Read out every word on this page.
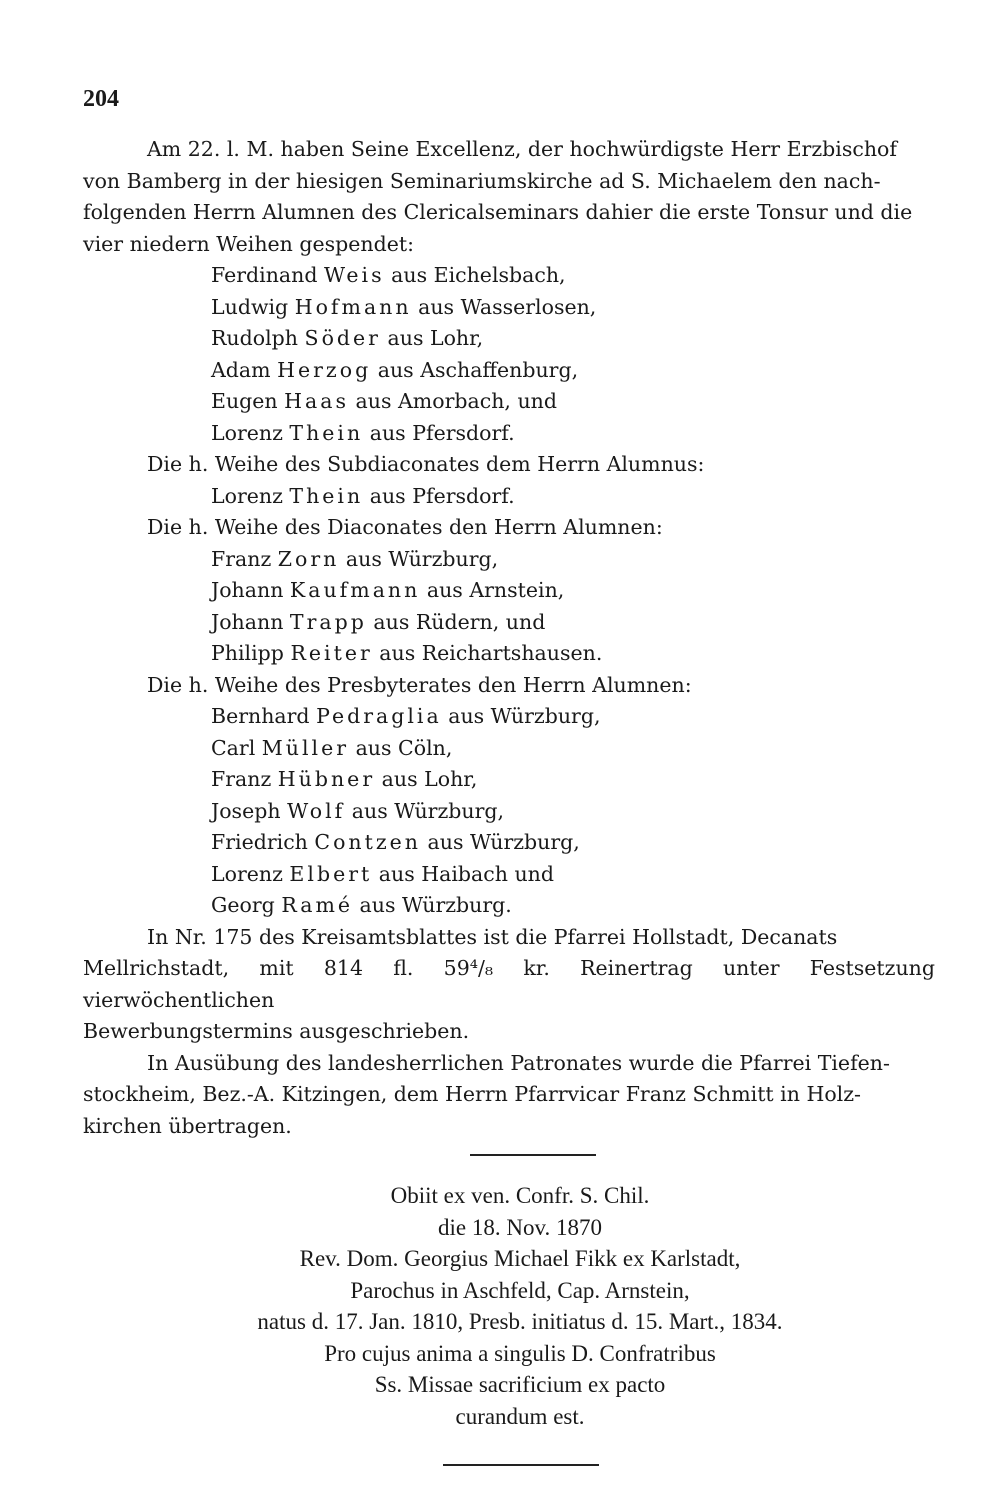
204

Am 22. l. M. haben Seine Excellenz, der hochwürdigste Herr Erzbischof
von Bamberg in der hiesigen Seminariumskirche ad S. Michaelem den nach-
folgenden Herrn Alumnen des Clericalseminars dahier die erste Tonsur und die
vier niedern Weihen gespendet:

Ferdinand Weis aus Eichelsbach,
Ludwig Hofmann aus Wasserlosen,
Rudolph Söder aus Lohr,
Adam Herzog aus Aschaffenburg,
Eugen Haas aus Amorbach, und
Lorenz Thein aus Pfersdorf.
Die h. Weihe des Subdiaconates dem Herrn Alumnus:
Lorenz Thein aus Pfersdorf.
Die h. Weihe des Diaconates den Herrn Alumnen:
Franz Zorn aus Würzburg,
Johann Kaufmann aus Arnstein,
Johann Trapp aus Rüdern, und
Philipp Reiter aus Reichartshausen.
Die h. Weihe des Presbyterates den Herrn Alumnen:
Bernhard Pedraglia aus Würzburg,
Carl Müller aus Cöln,
Franz Hübner aus Lohr,
Joseph Wolf aus Würzburg,
Friedrich Contzen aus Würzburg,
Lorenz Elbert aus Haibach und
Georg Ramé aus Würzburg.

In Nr. 175 des Kreisamtsblattes ist die Pfarrei Hollstadt, Decanats
Mellrichstadt, mit 814 fl. 59⁴/₈ kr. Reinertrag unter Festsetzung vierwöchentlichen
Bewerbungstermins ausgeschrieben.

In Ausübung des landesherrlichen Patronates wurde die Pfarrei Tiefen-
stockheim, Bez.-A. Kitzingen, dem Herrn Pfarrvicar Franz Schmitt in Holz-
kirchen übertragen.

Obiit ex ven. Confr. S. Chil.
die 18. Nov. 1870
Rev. Dom. Georgius Michael Fikk ex Karlstadt,
Parochus in Aschfeld, Cap. Arnstein,
natus d. 17. Jan. 1810, Presb. initiatus d. 15. Mart., 1834.
Pro cujus anima a singulis D. Confratribus
Ss. Missae sacrificium ex pacto
curandum est.
